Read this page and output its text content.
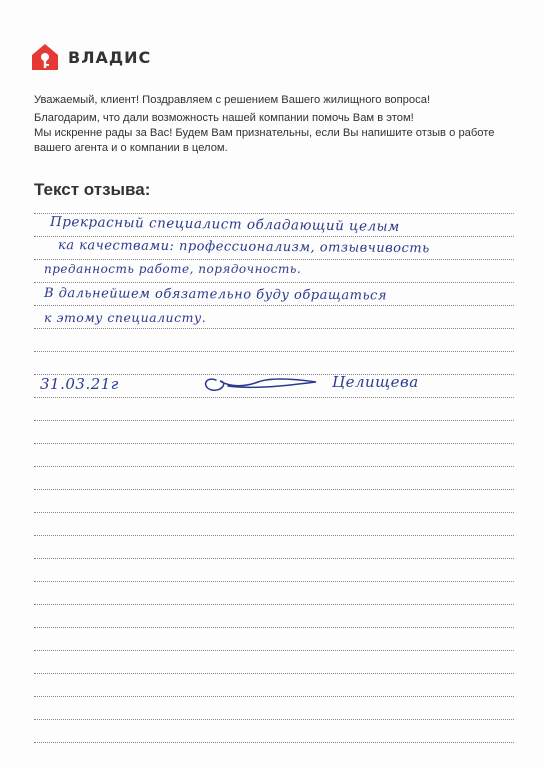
ВЛАДИС

Уважаемый, клиент! Поздравляем с решением Вашего жилищного вопроса!

Благодарим, что дали возможность нашей компании помочь Вам в этом!

Мы искренне рады за Вас! Будем Вам признательны, если Вы напишите отзыв о работе

вашего агента и о компании в целом.

Текст отзыва:
Прекрасный специалист обладающий целым
ка качествами: профессионализм, отзывчивость
преданность работе, порядочность.
В дальнейшем обязательно буду обращаться
к этому специалисту.
31.03.21г	Целищева
